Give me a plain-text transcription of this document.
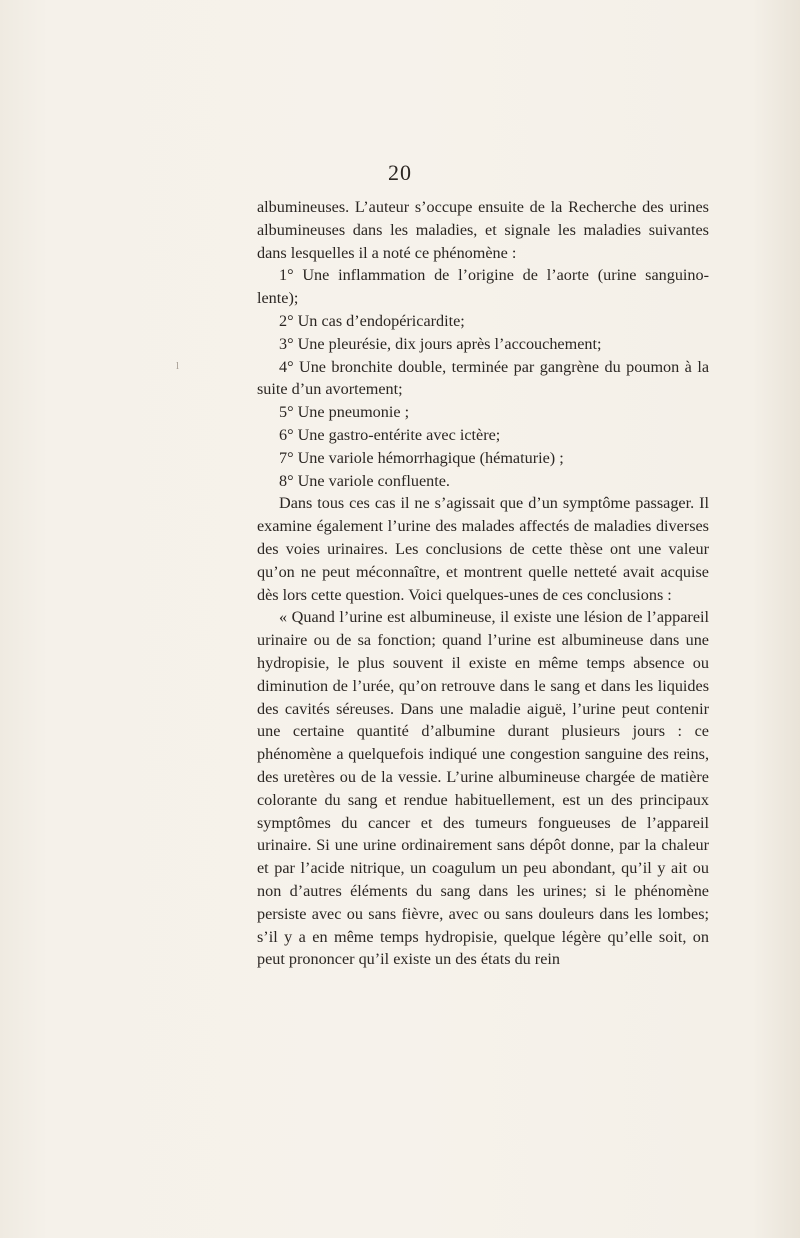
20
l

albumineuses. L’auteur s’occupe ensuite de la Recherche des urines albumineuses dans les maladies, et signale les maladies suivantes dans lesquelles il a noté ce phénomène :

1° Une inflammation de l’origine de l’aorte (urine sanguino-lente);

2° Un cas d’endopéricardite;

3° Une pleurésie, dix jours après l’accouchement;

4° Une bronchite double, terminée par gangrène du poumon à la suite d’un avortement;

5° Une pneumonie ;

6° Une gastro-entérite avec ictère;

7° Une variole hémorrhagique (hématurie) ;

8° Une variole confluente.

Dans tous ces cas il ne s’agissait que d’un symptôme passager. Il examine également l’urine des malades affectés de maladies diverses des voies urinaires. Les conclusions de cette thèse ont une valeur qu’on ne peut méconnaître, et montrent quelle netteté avait acquise dès lors cette question. Voici quelques-unes de ces conclusions :

« Quand l’urine est albumineuse, il existe une lésion de l’appareil urinaire ou de sa fonction; quand l’urine est albumineuse dans une hydropisie, le plus souvent il existe en même temps absence ou diminution de l’urée, qu’on retrouve dans le sang et dans les liquides des cavités séreuses. Dans une maladie aiguë, l’urine peut contenir une certaine quantité d’albumine durant plusieurs jours : ce phénomène a quelquefois indiqué une congestion sanguine des reins, des uretères ou de la vessie. L’urine albumineuse chargée de matière colorante du sang et rendue habituellement, est un des principaux symptômes du cancer et des tumeurs fongueuses de l’appareil urinaire. Si une urine ordinairement sans dépôt donne, par la chaleur et par l’acide nitrique, un coagulum un peu abondant, qu’il y ait ou non d’autres éléments du sang dans les urines; si le phénomène persiste avec ou sans fièvre, avec ou sans douleurs dans les lombes; s’il y a en même temps hydropisie, quelque légère qu’elle soit, on peut prononcer qu’il existe un des états du rein
